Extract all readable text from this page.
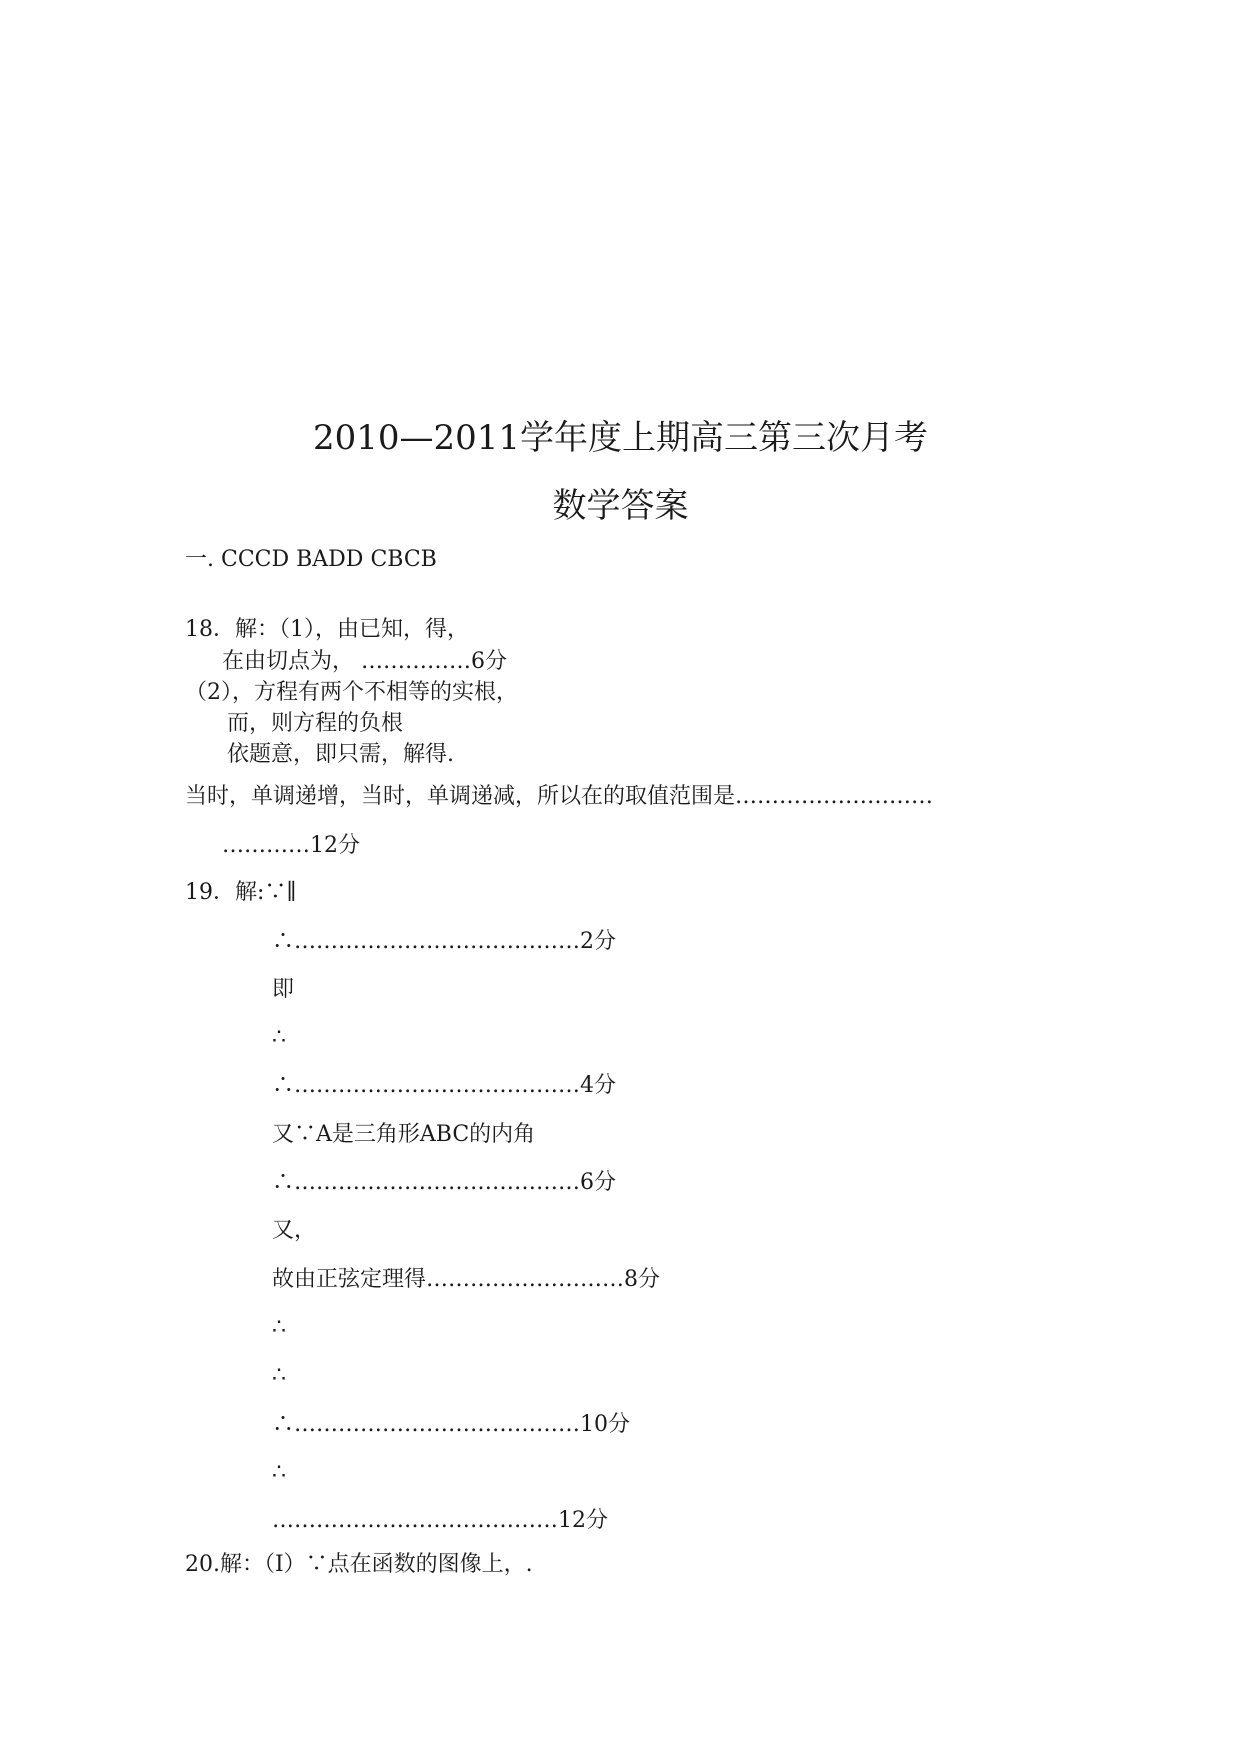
2010—2011学年度上期高三第三次月考
数学答案
一. CCCD BADD CBCB
18．解：（1），由已知，得，
在由切点为， ……………6分
（2），方程有两个不相等的实根，
而，则方程的负根
依题意，即只需，解得.
当时，单调递增，当时，单调递减，所以在的取值范围是………………………
…………12分
19．解:∵∥
∴…………………………………2分
即
∴
∴…………………………………4分
又∵A是三角形ABC的内角
∴…………………………………6分
又，
故由正弦定理得………………………8分
∴
∴
∴…………………………………10分
∴
…………………………………12分
20.解：（I）∵点在函数的图像上，.
